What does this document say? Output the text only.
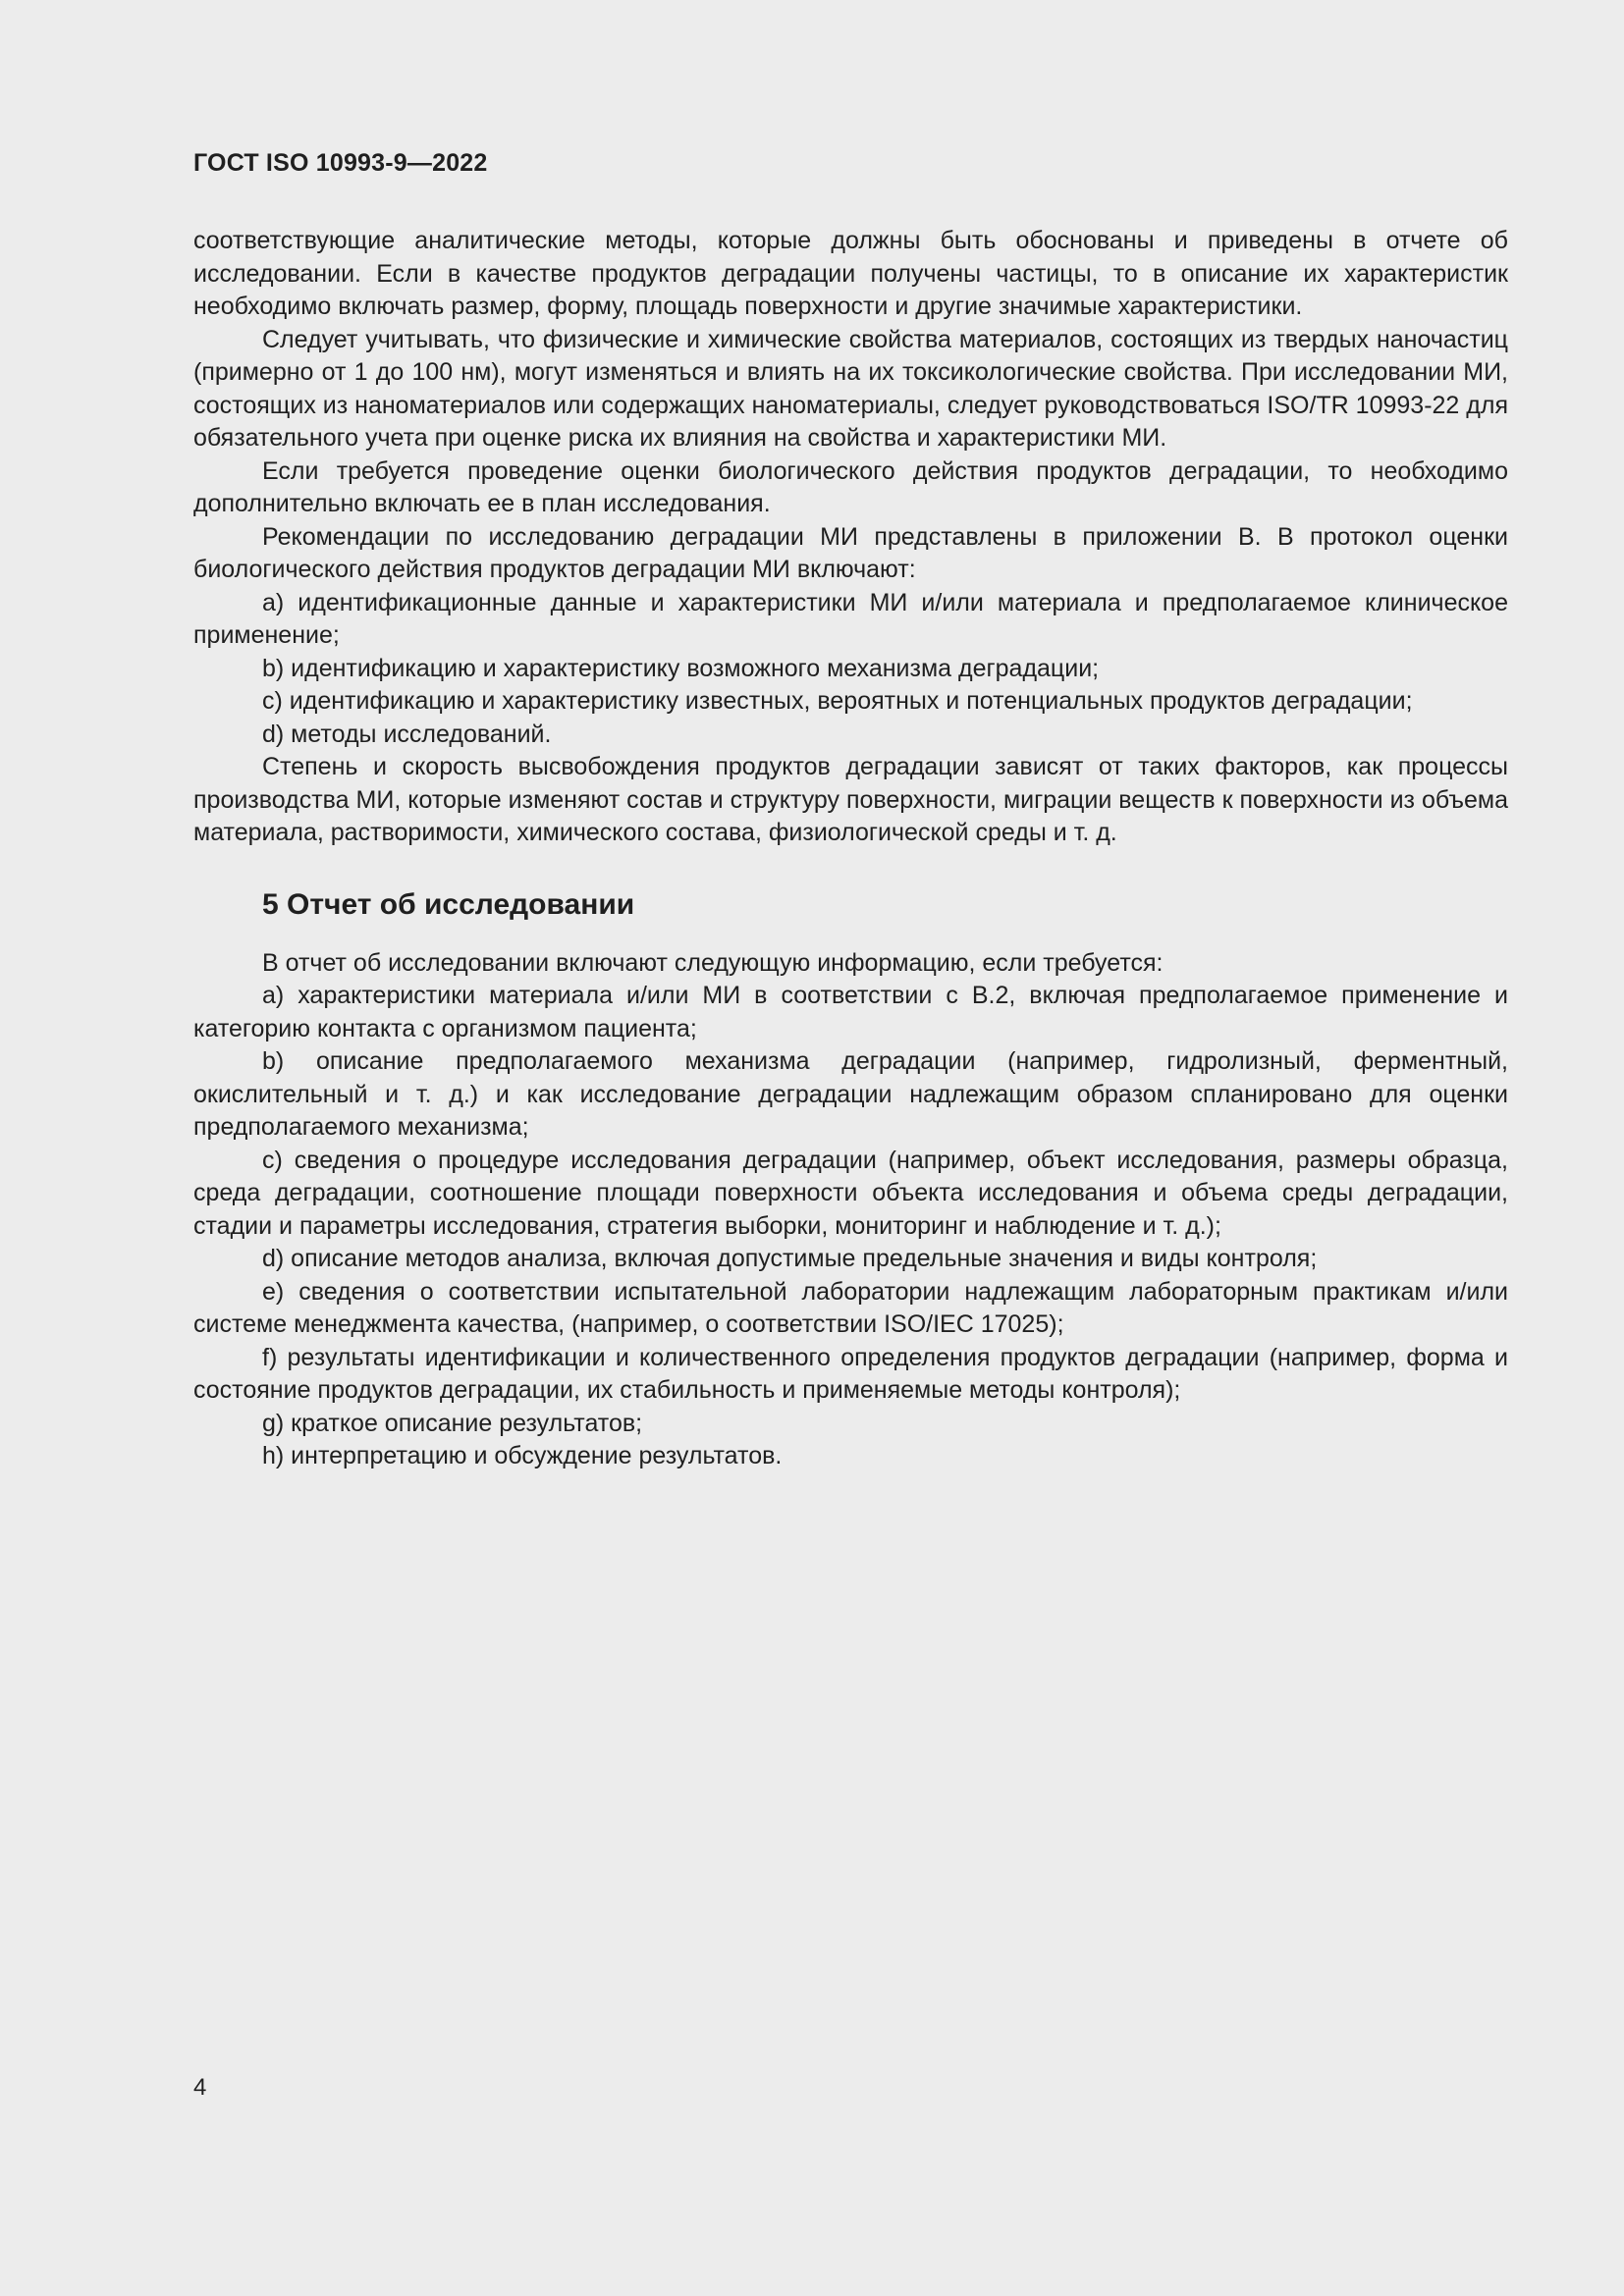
ГОСТ ISO 10993-9—2022

соответствующие аналитические методы, которые должны быть обоснованы и приведены в отчете об исследовании. Если в качестве продуктов деградации получены частицы, то в описание их характеристик необходимо включать размер, форму, площадь поверхности и другие значимые характеристики.

Следует учитывать, что физические и химические свойства материалов, состоящих из твердых наночастиц (примерно от 1 до 100 нм), могут изменяться и влиять на их токсикологические свойства. При исследовании МИ, состоящих из наноматериалов или содержащих наноматериалы, следует руководствоваться ISO/TR 10993-22 для обязательного учета при оценке риска их влияния на свойства и характеристики МИ.

Если требуется проведение оценки биологического действия продуктов деградации, то необходимо дополнительно включать ее в план исследования.

Рекомендации по исследованию деградации МИ представлены в приложении B. В протокол оценки биологического действия продуктов деградации МИ включают:

a) идентификационные данные и характеристики МИ и/или материала и предполагаемое клиническое применение;

b) идентификацию и характеристику возможного механизма деградации;

c) идентификацию и характеристику известных, вероятных и потенциальных продуктов деградации;

d) методы исследований.

Степень и скорость высвобождения продуктов деградации зависят от таких факторов, как процессы производства МИ, которые изменяют состав и структуру поверхности, миграции веществ к поверхности из объема материала, растворимости, химического состава, физиологической среды и т. д.

5 Отчет об исследовании

В отчет об исследовании включают следующую информацию, если требуется:

a) характеристики материала и/или МИ в соответствии с B.2, включая предполагаемое применение и категорию контакта с организмом пациента;

b) описание предполагаемого механизма деградации (например, гидролизный, ферментный, окислительный и т. д.) и как исследование деградации надлежащим образом спланировано для оценки предполагаемого механизма;

c) сведения о процедуре исследования деградации (например, объект исследования, размеры образца, среда деградации, соотношение площади поверхности объекта исследования и объема среды деградации, стадии и параметры исследования, стратегия выборки, мониторинг и наблюдение и т. д.);

d) описание методов анализа, включая допустимые предельные значения и виды контроля;

e) сведения о соответствии испытательной лаборатории надлежащим лабораторным практикам и/или системе менеджмента качества, (например, о соответствии ISO/IEC 17025);

f) результаты идентификации и количественного определения продуктов деградации (например, форма и состояние продуктов деградации, их стабильность и применяемые методы контроля);

g) краткое описание результатов;

h) интерпретацию и обсуждение результатов.

4
